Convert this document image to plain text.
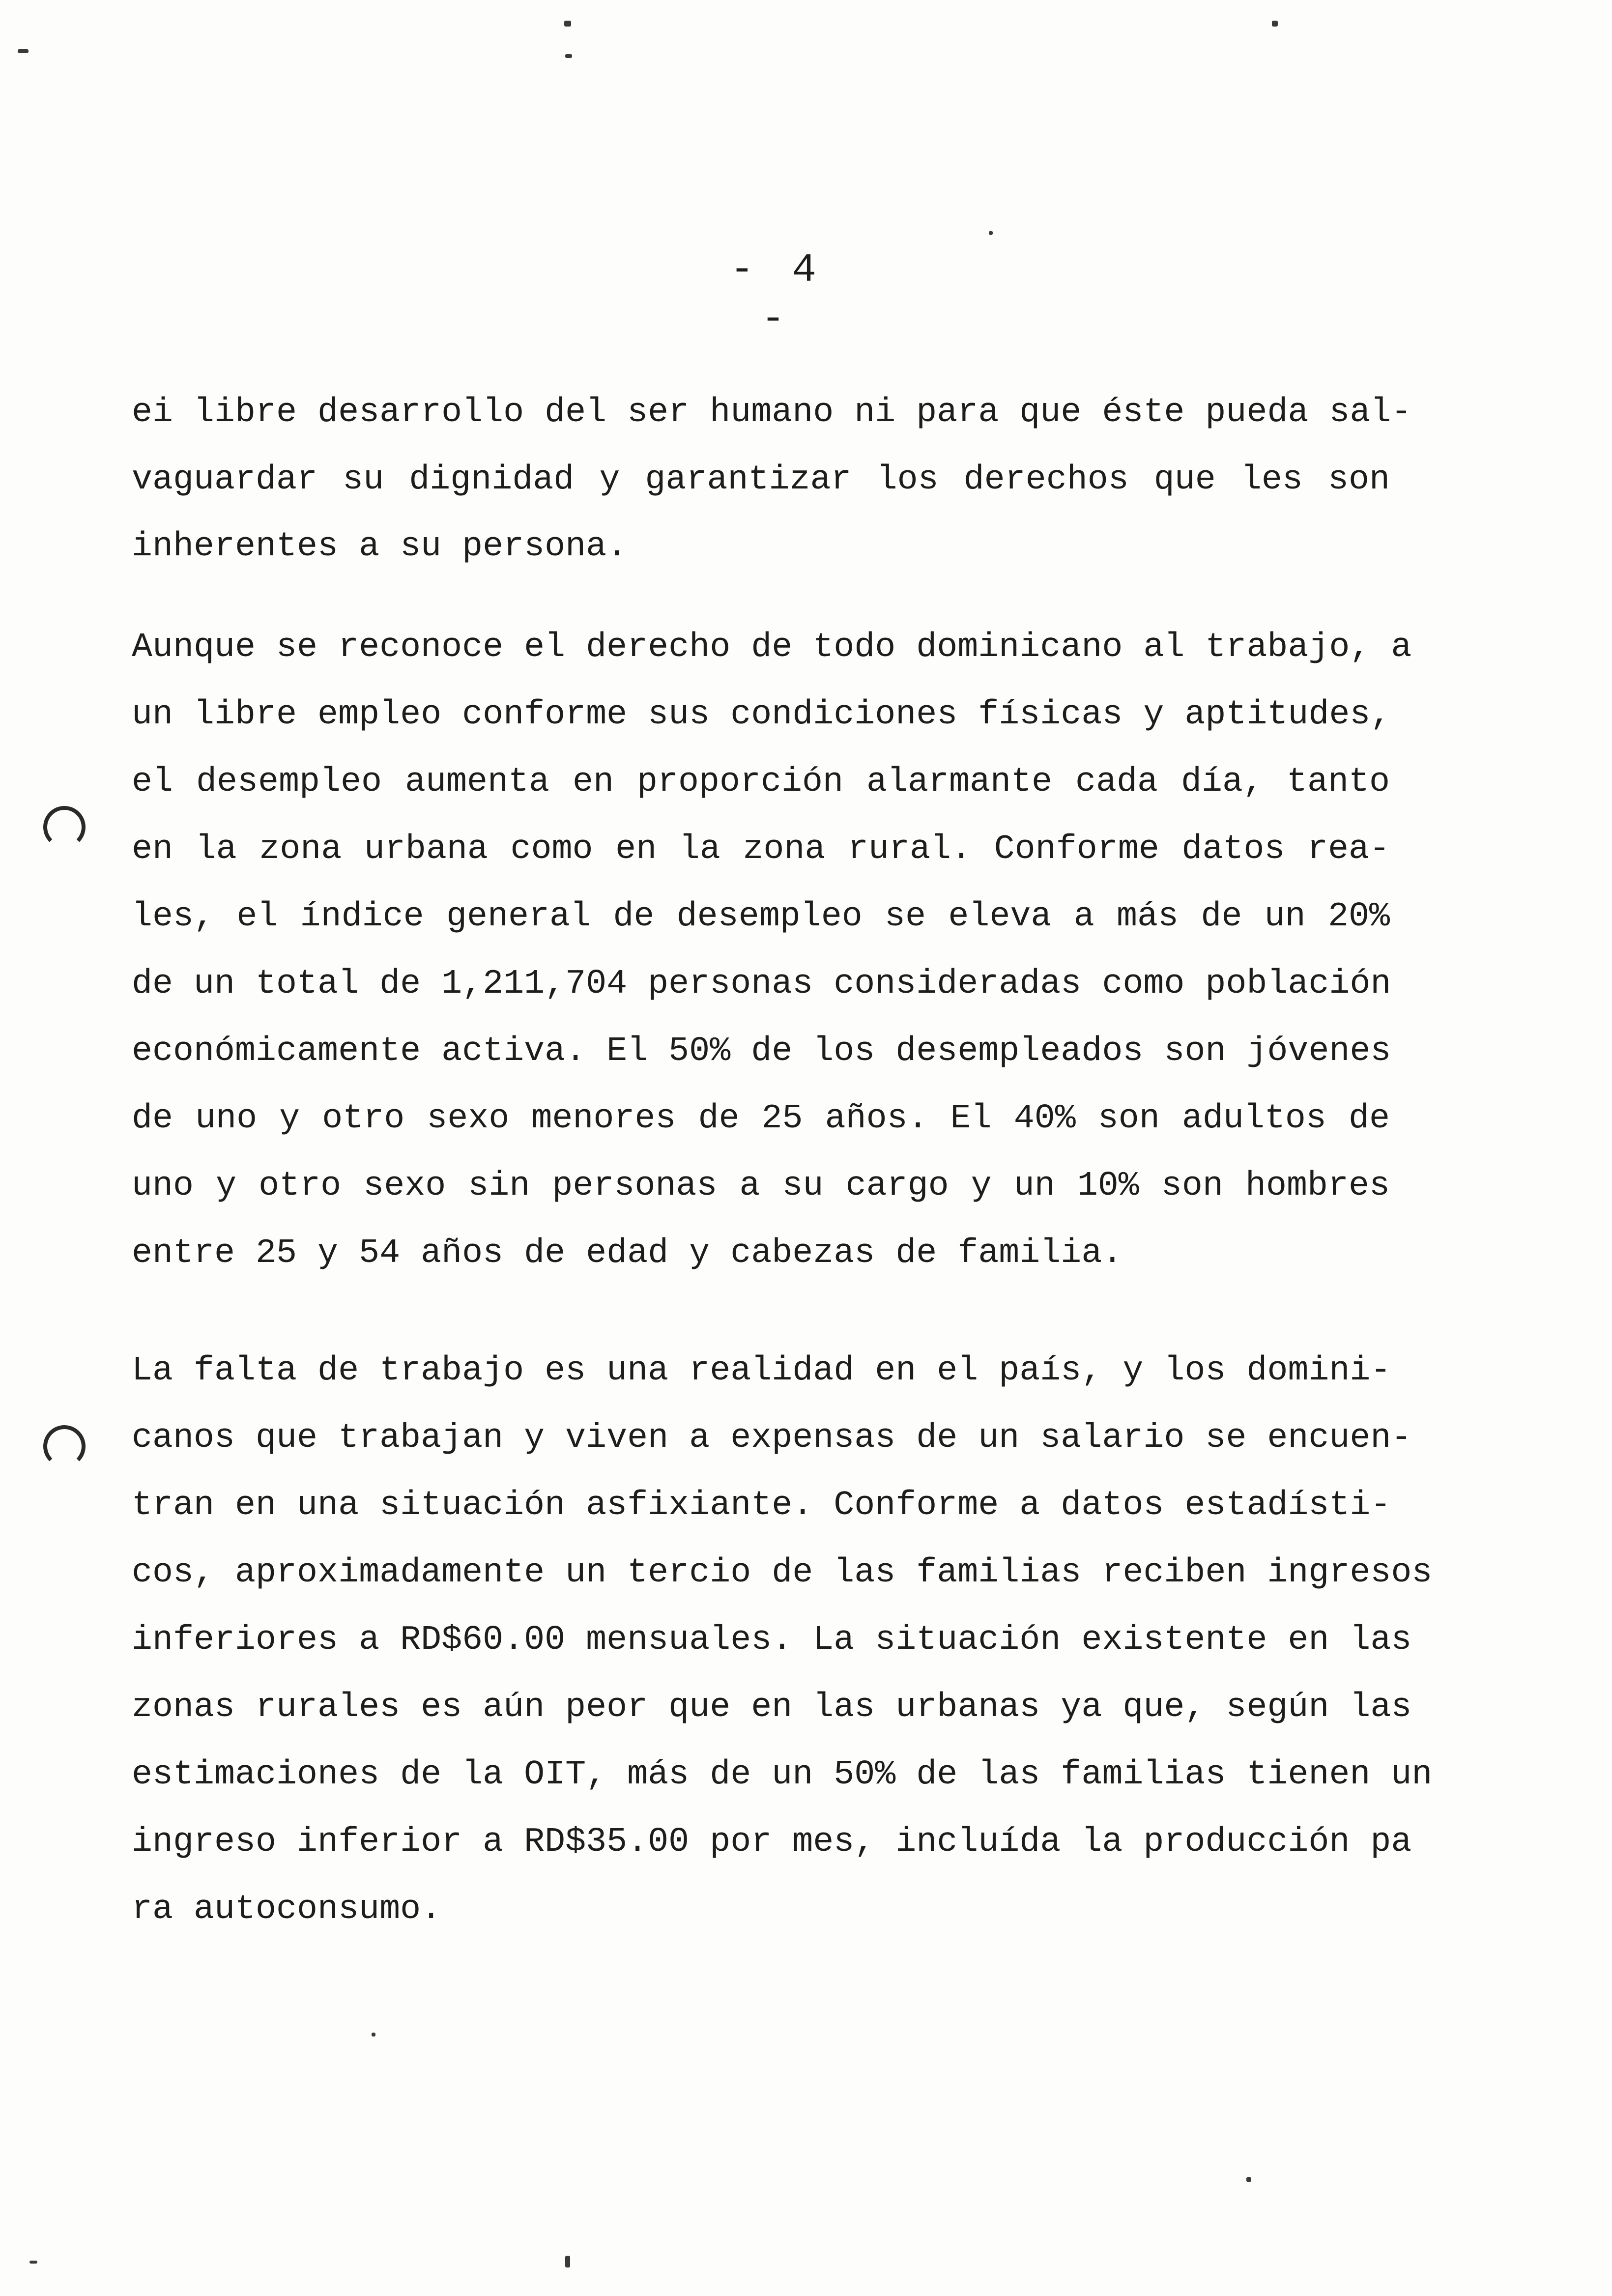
- 4 -
ei libre desarrollo del ser humano ni para que éste pueda sal-
vaguardar su dignidad y garantizar los derechos que les son
inherentes a su persona.
Aunque se reconoce el derecho de todo dominicano al trabajo, a
un libre empleo conforme sus condiciones físicas y aptitudes,
el desempleo aumenta en proporción alarmante cada día, tanto
en la zona urbana como en la zona rural. Conforme datos rea-
les, el índice general de desempleo se eleva a más de un 20%
de un total de 1,211,704 personas consideradas como población
económicamente activa. El 50% de los desempleados son jóvenes
de uno y otro sexo menores de 25 años. El 40% son adultos de
uno y otro sexo sin personas a su cargo y un 10% son hombres
entre 25 y 54 años de edad y cabezas de familia.
La falta de trabajo es una realidad en el país, y los domini-
canos que trabajan y viven a expensas de un salario se encuen-
tran en una situación asfixiante. Conforme a datos estadísti-
cos, aproximadamente un tercio de las familias reciben ingresos
inferiores a RD$60.00 mensuales. La situación existente en las
zonas rurales es aún peor que en las urbanas ya que, según las
estimaciones de la OIT, más de un 50% de las familias tienen un
ingreso inferior a RD$35.00 por mes, incluída la producción pa
ra autoconsumo.
